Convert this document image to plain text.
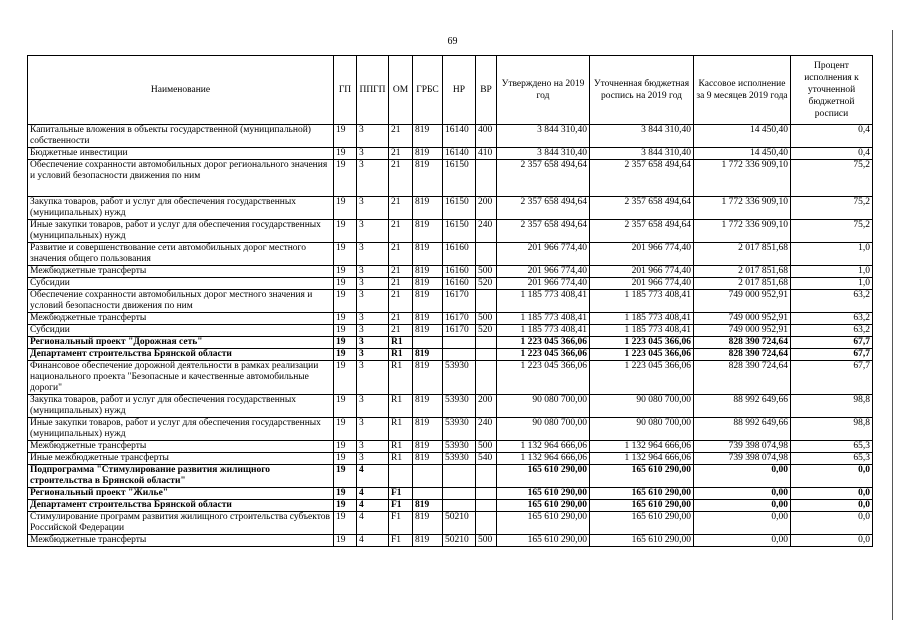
69
Наименование	ГП	ППГП	ОМ	ГРБС	НР	ВР	Утверждено на 2019 год	Уточненная бюджетная роспись на 2019 год	Кассовое исполнение за 9 месяцев 2019 года	Процент исполнения к уточненной бюджетной росписи
Капитальные вложения в объекты государственной (муниципальной) собственности	19	3	21	819	16140	400	3 844 310,40	3 844 310,40	14 450,40	0,4
Бюджетные инвестиции	19	3	21	819	16140	410	3 844 310,40	3 844 310,40	14 450,40	0,4
Обеспечение сохранности автомобильных дорог регионального значения и условий безопасности движения по ним	19	3	21	819	16150		2 357 658 494,64	2 357 658 494,64	1 772 336 909,10	75,2
Закупка товаров, работ и услуг для обеспечения государственных (муниципальных) нужд	19	3	21	819	16150	200	2 357 658 494,64	2 357 658 494,64	1 772 336 909,10	75,2
Иные закупки товаров, работ и услуг для обеспечения государственных (муниципальных) нужд	19	3	21	819	16150	240	2 357 658 494,64	2 357 658 494,64	1 772 336 909,10	75,2
Развитие и совершенствование сети автомобильных дорог местного значения общего пользования	19	3	21	819	16160		201 966 774,40	201 966 774,40	2 017 851,68	1,0
Межбюджетные трансферты	19	3	21	819	16160	500	201 966 774,40	201 966 774,40	2 017 851,68	1,0
Субсидии	19	3	21	819	16160	520	201 966 774,40	201 966 774,40	2 017 851,68	1,0
Обеспечение сохранности автомобильных дорог местного значения и условий безопасности движения по ним	19	3	21	819	16170		1 185 773 408,41	1 185 773 408,41	749 000 952,91	63,2
Межбюджетные трансферты	19	3	21	819	16170	500	1 185 773 408,41	1 185 773 408,41	749 000 952,91	63,2
Субсидии	19	3	21	819	16170	520	1 185 773 408,41	1 185 773 408,41	749 000 952,91	63,2
Региональный проект "Дорожная сеть"	19	3	R1				1 223 045 366,06	1 223 045 366,06	828 390 724,64	67,7
Департамент строительства Брянской области	19	3	R1	819			1 223 045 366,06	1 223 045 366,06	828 390 724,64	67,7
Финансовое обеспечение дорожной деятельности в рамках реализации национального проекта "Безопасные и качественные автомобильные дороги"	19	3	R1	819	53930		1 223 045 366,06	1 223 045 366,06	828 390 724,64	67,7
Закупка товаров, работ и услуг для обеспечения государственных (муниципальных) нужд	19	3	R1	819	53930	200	90 080 700,00	90 080 700,00	88 992 649,66	98,8
Иные закупки товаров, работ и услуг для обеспечения государственных (муниципальных) нужд	19	3	R1	819	53930	240	90 080 700,00	90 080 700,00	88 992 649,66	98,8
Межбюджетные трансферты	19	3	R1	819	53930	500	1 132 964 666,06	1 132 964 666,06	739 398 074,98	65,3
Иные межбюджетные трансферты	19	3	R1	819	53930	540	1 132 964 666,06	1 132 964 666,06	739 398 074,98	65,3
Подпрограмма "Стимулирование развития жилищного строительства в Брянской области"	19	4					165 610 290,00	165 610 290,00	0,00	0,0
Региональный проект "Жилье"	19	4	F1				165 610 290,00	165 610 290,00	0,00	0,0
Департамент строительства Брянской области	19	4	F1	819			165 610 290,00	165 610 290,00	0,00	0,0
Стимулирование программ развития жилищного строительства субъектов Российской Федерации	19	4	F1	819	50210		165 610 290,00	165 610 290,00	0,00	0,0
Межбюджетные трансферты	19	4	F1	819	50210	500	165 610 290,00	165 610 290,00	0,00	0,0
